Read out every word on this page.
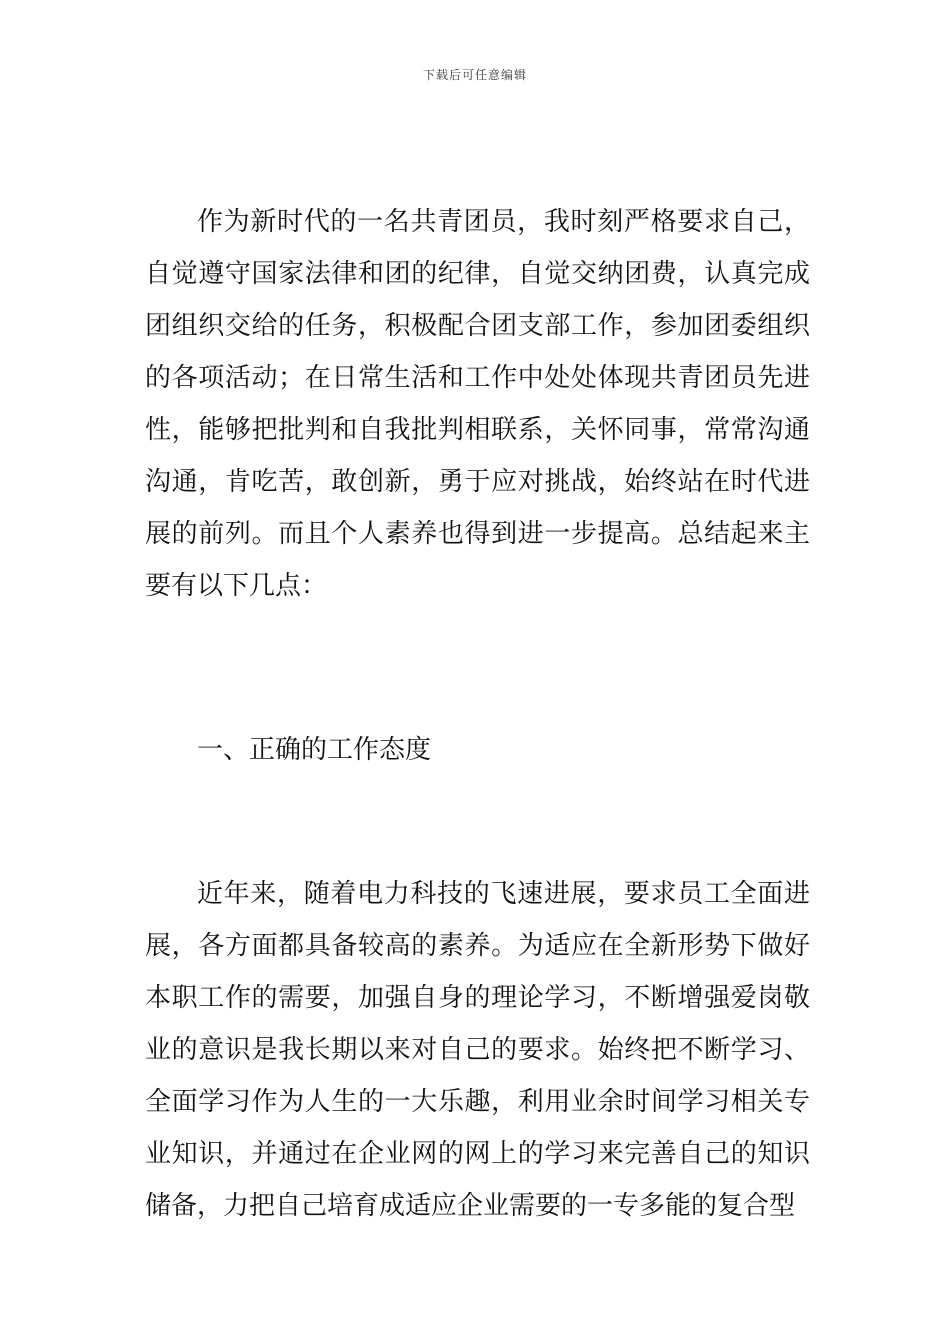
下载后可任意编辑

作为新时代的一名共青团员，我时刻严格要求自己，自觉遵守国家法律和团的纪律，自觉交纳团费，认真完成团组织交给的任务，积极配合团支部工作，参加团委组织的各项活动；在日常生活和工作中处处体现共青团员先进性，能够把批判和自我批判相联系，关怀同事，常常沟通沟通，肯吃苦，敢创新，勇于应对挑战，始终站在时代进展的前列。而且个人素养也得到进一步提高。总结起来主要有以下几点：

一、正确的工作态度

近年来，随着电力科技的飞速进展，要求员工全面进展，各方面都具备较高的素养。为适应在全新形势下做好本职工作的需要，加强自身的理论学习，不断增强爱岗敬业的意识是我长期以来对自己的要求。始终把不断学习、全面学习作为人生的一大乐趣，利用业余时间学习相关专业知识，并通过在企业网的网上的学习来完善自己的知识储备，力把自己培育成适应企业需要的一专多能的复合型
